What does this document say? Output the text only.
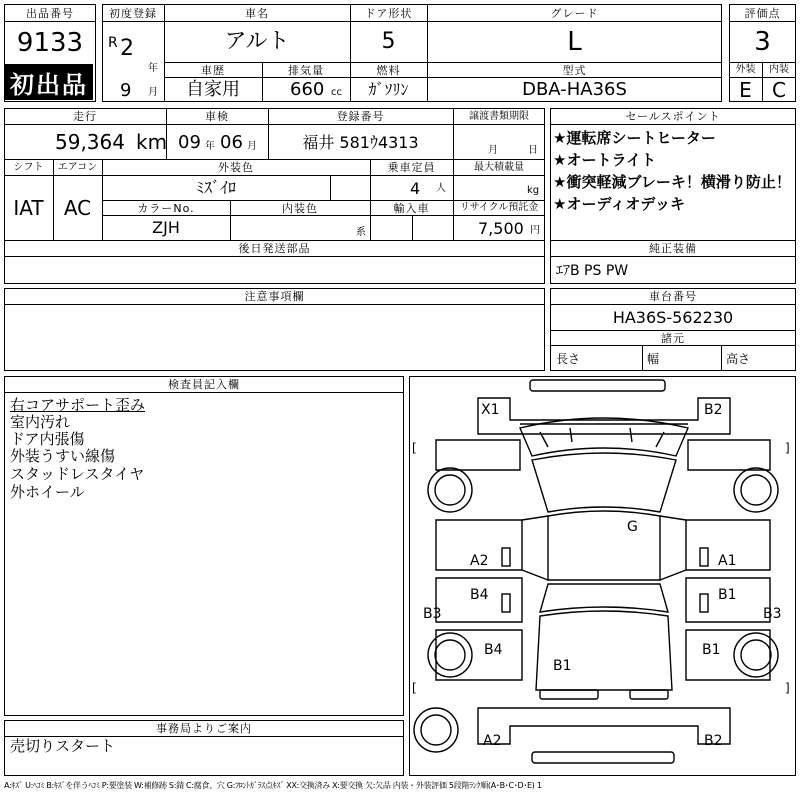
出品番号
9133
初出品
初度登録
R 2
年
9 月
車名
アルト
ドア形状
5
グレード
L
車歴
自家用
排気量
660 cc
燃料
ｶﾞｿﾘﾝ
型式
DBA-HA36S
評価点
3
外装	内装
E	C
走行
59,364 km
車検
09 年 06 月
登録番号
福井 581ｳ4313
譲渡書類期限
月	日
シフト	エアコン
IAT	AC
外装色
ﾐｽﾞｲﾛ
乗車定員
4 人
最大積載量
kg
カラーNo.
ZJH
内装色
系
輸入車	リサイクル預託金
7,500 円
後日発送部品
セールスポイント
★運転席シートヒーター
★オートライト
★衝突軽減ブレーキ！横滑り防止！
★オーディオデッキ
純正装備
ｴｱB PS PW
注意事項欄	車台番号
HA36S-562230
諸元
長さ	幅	高さ
検査員記入欄
右コアサポート歪み
室内汚れ
ドア内張傷
外装うすい線傷
スタッドレスタイヤ
外ホイール
事務局よりご案内
売切りスタート
X1	B2
G
A2	A1
B4	B1
B3	B3
B4	B1
B1
A2	B2
[	]
[	]
A:ｷｽﾞ U:ﾍｺﾐ B:ｷｽﾞを伴うﾍｺﾐ P:要塗装 W:補修跡 S:錆 C:腐食、穴 G:ﾌﾛﾝﾄｶﾞﾗｽ点ｷｽﾞ XX:交換済み X:要交換 欠:欠品 内装・外装評価 5段階ﾗﾝｸ順(A･B･C･D･E) 1
